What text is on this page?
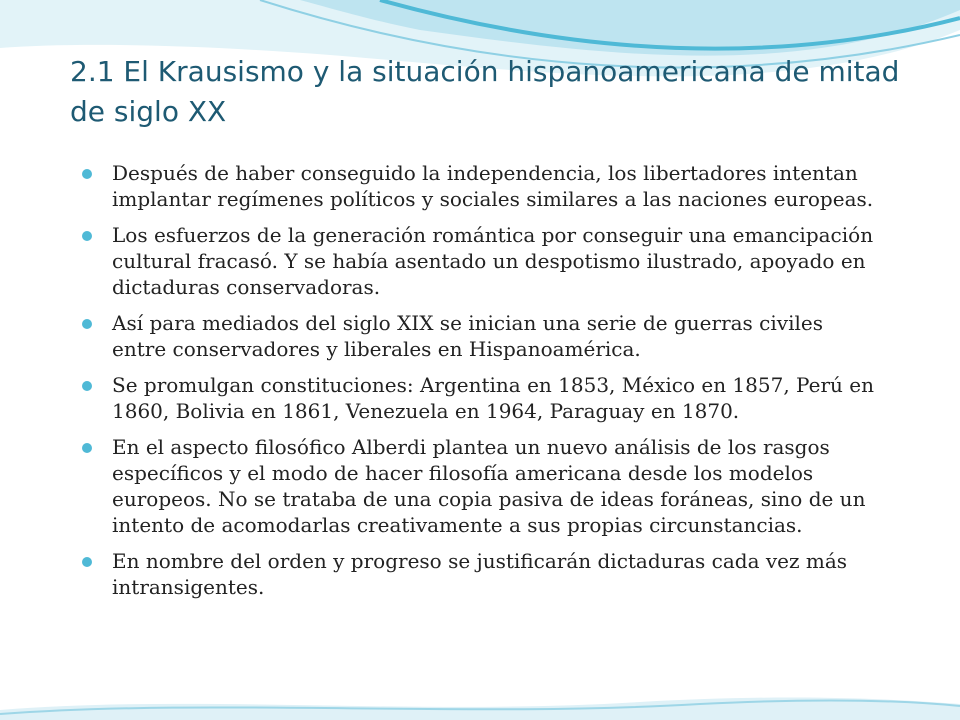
2.1 El Krausismo y la situación hispanoamericana de mitad de siglo XX
Después de haber conseguido la independencia, los libertadores intentan implantar regímenes políticos y sociales similares a las naciones europeas.
Los esfuerzos de la generación romántica por conseguir una emancipación cultural fracasó. Y se había asentado un despotismo ilustrado, apoyado en dictaduras conservadoras.
Así para mediados del siglo XIX se inician una serie de guerras civiles entre conservadores y liberales en Hispanoamérica.
Se promulgan constituciones: Argentina en 1853, México en 1857, Perú en 1860, Bolivia en 1861, Venezuela en 1964, Paraguay en 1870.
En el aspecto filosófico Alberdi plantea un nuevo análisis de los rasgos específicos y el modo de hacer filosofía americana desde los modelos europeos. No se trataba de una copia pasiva de ideas foráneas, sino de un intento de acomodarlas creativamente a sus propias circunstancias.
En nombre del orden y progreso se justificarán dictaduras cada vez más intransigentes.
